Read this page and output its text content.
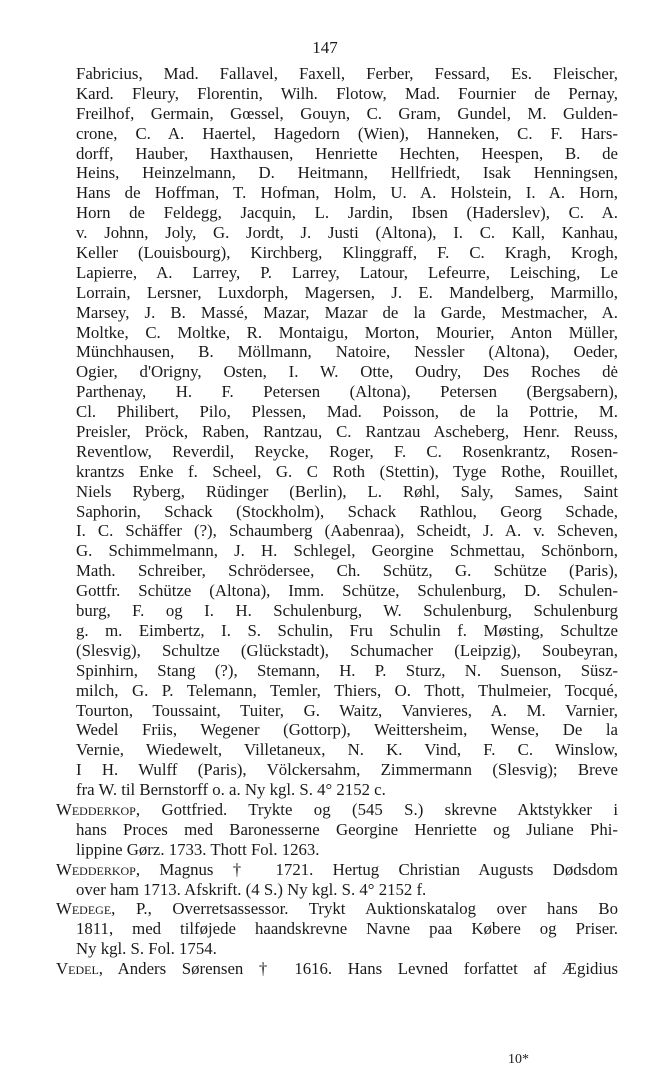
147
Fabricius, Mad. Fallavel, Faxell, Ferber, Fessard, Es. Fleischer,
Kard. Fleury, Florentin, Wilh. Flotow, Mad. Fournier de Pernay,
Freilhof, Germain, Gœssel, Gouyn, C. Gram, Gundel, M. Gulden-
crone, C. A. Haertel, Hagedorn (Wien), Hanneken, C. F. Hars-
dorff, Hauber, Haxthausen, Henriette Hechten, Heespen, B. de
Heins, Heinzelmann, D. Heitmann, Hellfriedt, Isak Henningsen,
Hans de Hoffman, T. Hofman, Holm, U. A. Holstein, I. A. Horn,
Horn de Feldegg, Jacquin, L. Jardin, Ibsen (Haderslev), C. A.
v. Johnn, Joly, G. Jordt, J. Justi (Altona), I. C. Kall, Kanhau,
Keller (Louisbourg), Kirchberg, Klinggraff, F. C. Kragh, Krogh,
Lapierre, A. Larrey, P. Larrey, Latour, Lefeurre, Leisching, Le
Lorrain, Lersner, Luxdorph, Magersen, J. E. Mandelberg, Marmillo,
Marsey, J. B. Massé, Mazar, Mazar de la Garde, Mestmacher, A.
Moltke, C. Moltke, R. Montaigu, Morton, Mourier, Anton Müller,
Münchhausen, B. Möllmann, Natoire, Nessler (Altona), Oeder,
Ogier, d'Origny, Osten, I. W. Otte, Oudry, Des Roches dė
Parthenay, H. F. Petersen (Altona), Petersen (Bergsabern),
Cl. Philibert, Pilo, Plessen, Mad. Poisson, de la Pottrie, M.
Preisler, Pröck, Raben, Rantzau, C. Rantzau Ascheberg, Henr. Reuss,
Reventlow, Reverdil, Reycke, Roger, F. C. Rosenkrantz, Rosen-
krantzs Enke f. Scheel, G. C Roth (Stettin), Tyge Rothe, Rouillet,
Niels Ryberg, Rüdinger (Berlin), L. Røhl, Saly, Sames, Saint
Saphorin, Schack (Stockholm), Schack Rathlou, Georg Schade,
I. C. Schäffer (?), Schaumberg (Aabenraa), Scheidt, J. A. v. Scheven,
G. Schimmelmann, J. H. Schlegel, Georgine Schmettau, Schönborn,
Math. Schreiber, Schrödersee, Ch. Schütz, G. Schütze (Paris),
Gottfr. Schütze (Altona), Imm. Schütze, Schulenburg, D. Schulen-
burg, F. og I. H. Schulenburg, W. Schulenburg, Schulenburg
g. m. Eimbertz, I. S. Schulin, Fru Schulin f. Møsting, Schultze
(Slesvig), Schultze (Glückstadt), Schumacher (Leipzig), Soubeyran,
Spinhirn, Stang (?), Stemann, H. P. Sturz, N. Suenson, Süsz-
milch, G. P. Telemann, Temler, Thiers, O. Thott, Thulmeier, Tocqué,
Tourton, Toussaint, Tuiter, G. Waitz, Vanvieres, A. M. Varnier,
Wedel Friis, Wegener (Gottorp), Weittersheim, Wense, De la
Vernie, Wiedewelt, Villetaneux, N. K. Vind, F. C. Winslow,
I H. Wulff (Paris), Völckersahm, Zimmermann (Slesvig); Breve
fra W. til Bernstorff o. a. Ny kgl. S. 4° 2152 c.
Wedderkop, Gottfried. Trykte og (545 S.) skrevne Aktstykker i
hans Proces med Baronesserne Georgine Henriette og Juliane Phi-
lippine Gørz. 1733. Thott Fol. 1263.
Wedderkop, Magnus † 1721. Hertug Christian Augusts Dødsdom
over ham 1713. Afskrift. (4 S.) Ny kgl. S. 4° 2152 f.
Wedege, P., Overretsassessor. Trykt Auktionskatalog over hans Bo
1811, med tilføjede haandskrevne Navne paa Købere og Priser.
Ny kgl. S. Fol. 1754.
Vedel, Anders Sørensen † 1616. Hans Levned forfattet af Ægidius
10*
